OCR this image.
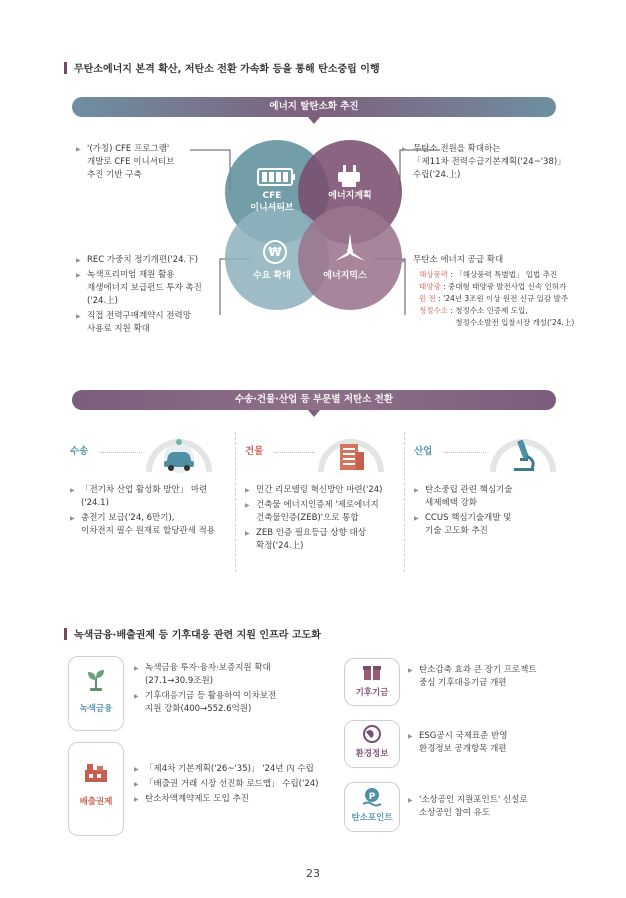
무탄소에너지 본격 확산, 저탄소 전환 가속화 등을 통해 탄소중립 이행
에너지 탈탄소화 추진
₩
CFE
이니셔티브
에너지계획
수요 확대	에너지믹스
▶ '(가칭) CFE 프로그램'
개발로 CFE 이니셔티브
추진 기반 구축
▶ REC 가중치 정기개편('24.下)
▶ 녹색프리미엄 재원 활용
재생에너지 보급펀드 투자 촉진
('24.上)
▶ 직접 전력구매계약시 전력망
사용료 지원 확대
▶ 무탄소 전원을 확대하는
「제11차 전력수급기본계획('24~'38)」
수립('24.上)
▶ 무탄소 에너지 공급 확대
해상풍력 : 「해상풍력 특별법」 입법 추진
태양광 : 중대형 태양광 발전사업 신속 인허가
원 전 : '24년 3조원 이상 원전 신규 일감 발주
청정수소 : 청정수소 인증제 도입,
청정수소발전 입찰시장 개설('24.上)
수송·건물·산업 등 부문별 저탄소 전환
수송
▶ 「전기차 산업 활성화 방안」 마련('24.1)
▶ 충전기 보급('24, 6만기),
이차전지 필수 원재료 할당관세 적용
건물
▶ 민간 리모델링 혁신방안 마련('24)
▶ 건축물 에너지인증제 '제로에너지
건축물인증(ZEB)'으로 통합
▶ ZEB 인증 필요등급 상향 대상
확정('24.上)
산업
▶ 탄소중립 관련 핵심기술
세제혜택 강화
▶ CCUS 핵심기술개발 및
기술 고도화 추진
녹색금융·배출권제 등 기후대응 관련 지원 인프라 고도화
녹색금융
▶ 녹색금융 투자·융자·보증지원 확대
(27.1→30.9조원)
▶ 기후대응기금 등 활용하여 이차보전
지원 강화(400→552.6억원)
배출권제
▶ 「제4차 기본계획('26~'35)」 '24년 內 수립
▶ 「배출권 거래 시장 선진화 로드맵」 수립('24)
▶ 탄소차액계약제도 도입 추진
기후기금
▶ 탄소감축 효과 큰 장기 프로젝트
중심 기후대응기금 개편
환경정보
▶ ESG공시 국제표준 반영
환경정보 공개항목 개편
P
탄소포인트
▶ '소상공인 지원포인트' 신설로
소상공인 참여 유도
23
